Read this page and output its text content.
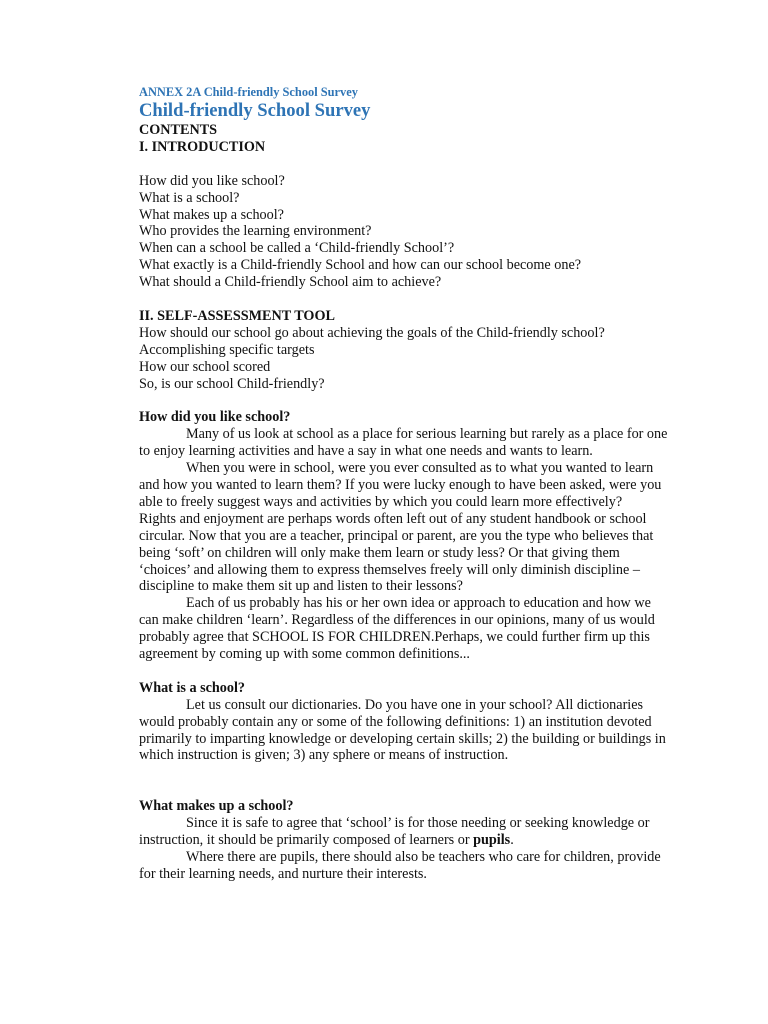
ANNEX 2A Child-friendly School Survey
Child-friendly School Survey
CONTENTS
I. INTRODUCTION
How did you like school?
What is a school?
What makes up a school?
Who provides the learning environment?
When can a school be called a ‘Child-friendly School’?
What exactly is a Child-friendly School and how can our school become one?
What should a Child-friendly School aim to achieve?
II. SELF-ASSESSMENT TOOL
How should our school go about achieving the goals of the Child-friendly school?
Accomplishing specific targets
How our school scored
So, is our school Child-friendly?
How did you like school?

Many of us look at school as a place for serious learning but rarely as a place for one to enjoy learning activities and have a say in what one needs and wants to learn.

When you were in school, were you ever consulted as to what you wanted to learn and how you wanted to learn them? If you were lucky enough to have been asked, were you able to freely suggest ways and activities by which you could learn more effectively?

Rights and enjoyment are perhaps words often left out of any student handbook or school circular. Now that you are a teacher, principal or parent, are you the type who believes that being ‘soft’ on children will only make them learn or study less? Or that giving them ‘choices’ and allowing them to express themselves freely will only diminish discipline – discipline to make them sit up and listen to their lessons?

Each of us probably has his or her own idea or approach to education and how we can make children ‘learn’. Regardless of the differences in our opinions, many of us would probably agree that SCHOOL IS FOR CHILDREN.Perhaps, we could further firm up this agreement by coming up with some common definitions...

What is a school?

Let us consult our dictionaries. Do you have one in your school? All dictionaries would probably contain any or some of the following definitions: 1) an institution devoted primarily to imparting knowledge or developing certain skills; 2) the building or buildings in which instruction is given; 3) any sphere or means of instruction.

What makes up a school?

Since it is safe to agree that ‘school’ is for those needing or seeking knowledge or instruction, it should be primarily composed of learners or pupils.

Where there are pupils, there should also be teachers who care for children, provide for their learning needs, and nurture their interests.
